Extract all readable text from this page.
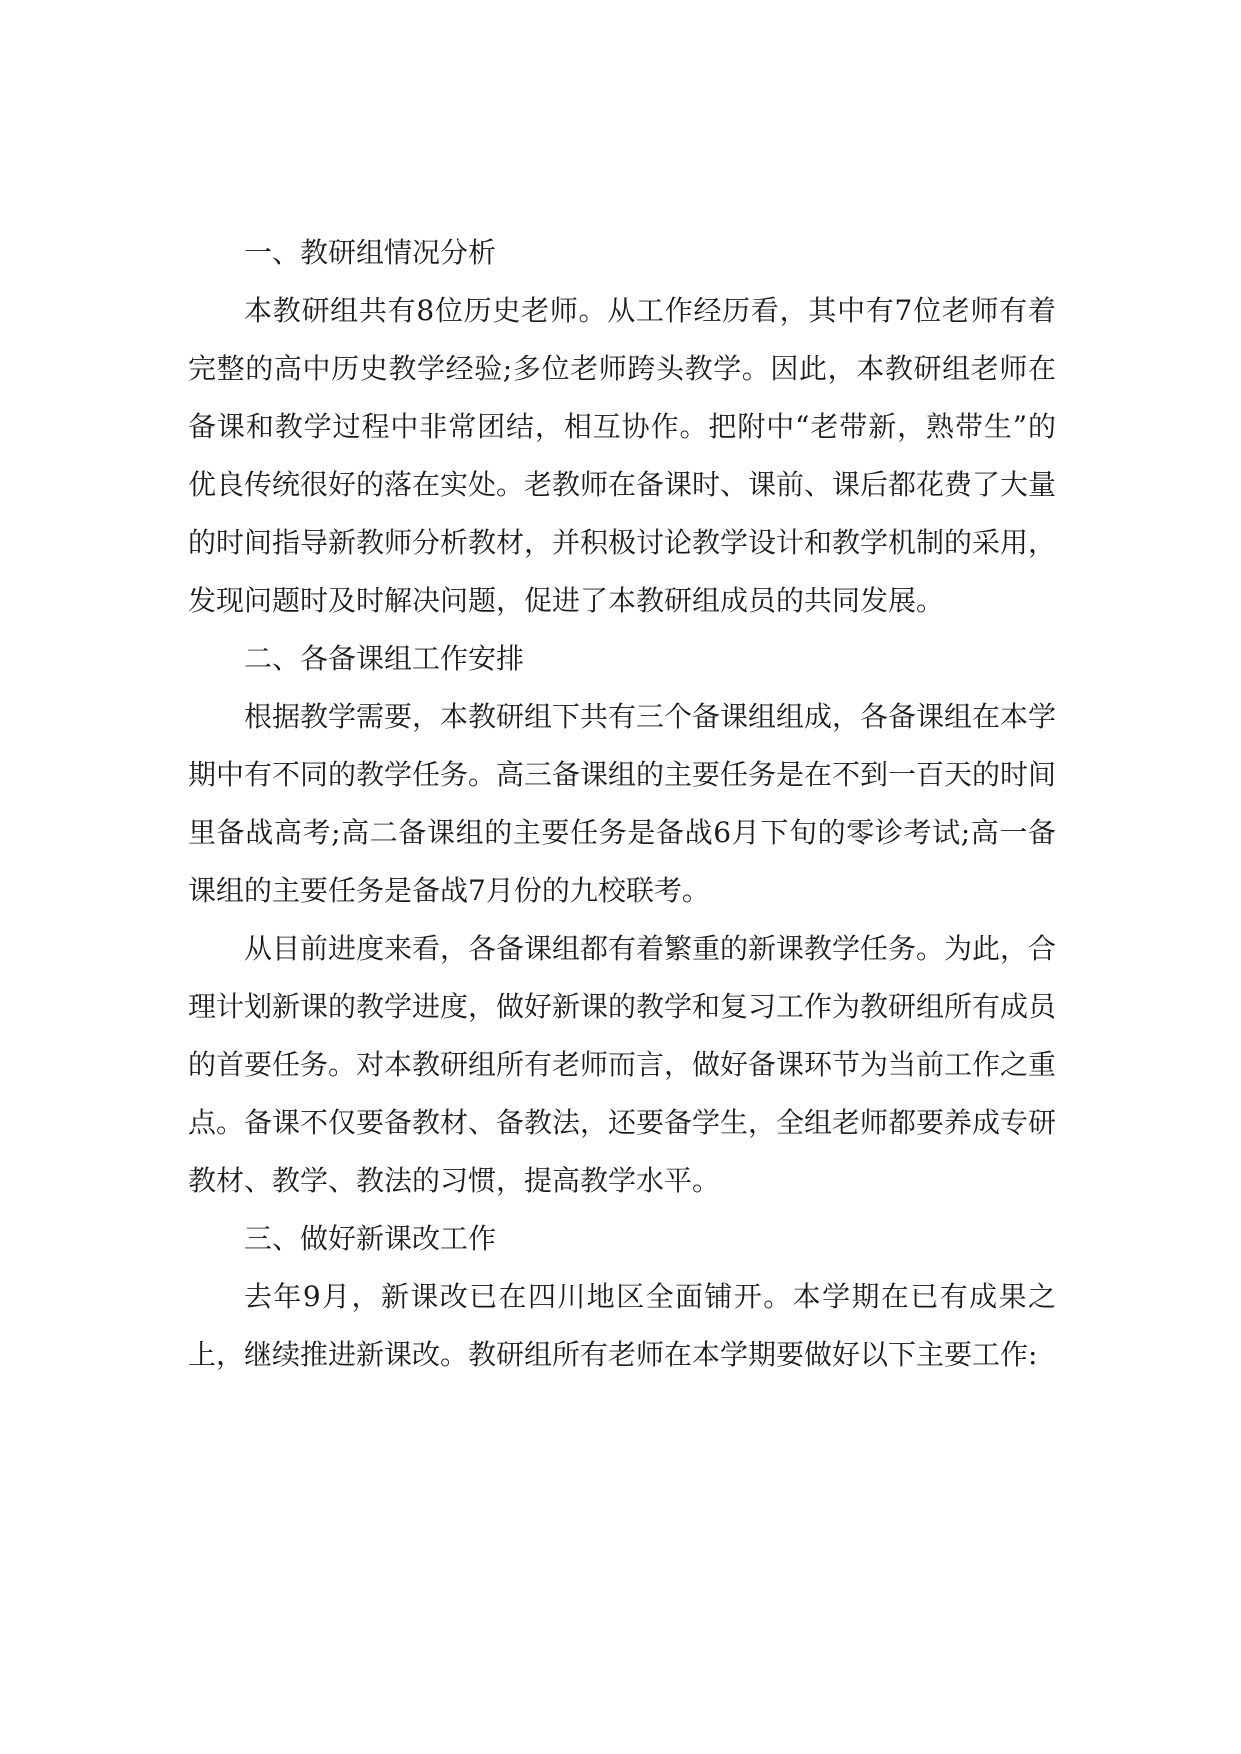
一、教研组情况分析

本教研组共有8位历史老师。从工作经历看，其中有7位老师有着完整的高中历史教学经验;多位老师跨头教学。因此，本教研组老师在备课和教学过程中非常团结，相互协作。把附中“老带新，熟带生”的优良传统很好的落在实处。老教师在备课时、课前、课后都花费了大量的时间指导新教师分析教材，并积极讨论教学设计和教学机制的采用，发现问题时及时解决问题，促进了本教研组成员的共同发展。

二、各备课组工作安排

根据教学需要，本教研组下共有三个备课组组成，各备课组在本学期中有不同的教学任务。高三备课组的主要任务是在不到一百天的时间里备战高考;高二备课组的主要任务是备战6月下旬的零诊考试;高一备课组的主要任务是备战7月份的九校联考。

从目前进度来看，各备课组都有着繁重的新课教学任务。为此，合理计划新课的教学进度，做好新课的教学和复习工作为教研组所有成员的首要任务。对本教研组所有老师而言，做好备课环节为当前工作之重点。备课不仅要备教材、备教法，还要备学生，全组老师都要养成专研教材、教学、教法的习惯，提高教学水平。

三、做好新课改工作

去年9月，新课改已在四川地区全面铺开。本学期在已有成果之上，继续推进新课改。教研组所有老师在本学期要做好以下主要工作:
